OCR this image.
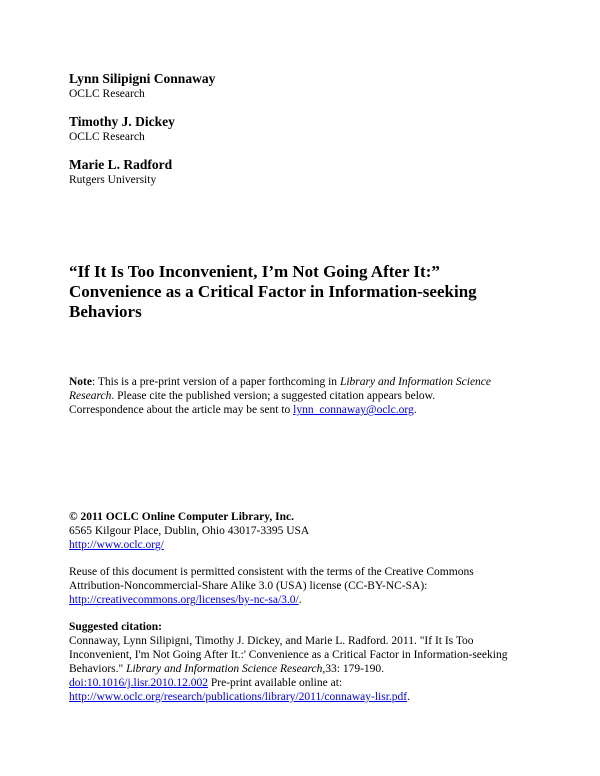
Lynn Silipigni Connaway
OCLC Research
Timothy J. Dickey
OCLC Research
Marie L. Radford
Rutgers University
“If It Is Too Inconvenient, I’m Not Going After It:”
Convenience as a Critical Factor in Information-seeking
Behaviors
Note: This is a pre-print version of a paper forthcoming in Library and Information Science Research. Please cite the published version; a suggested citation appears below.
Correspondence about the article may be sent to lynn_connaway@oclc.org.
© 2011 OCLC Online Computer Library, Inc.
6565 Kilgour Place, Dublin, Ohio 43017-3395 USA
http://www.oclc.org/
Reuse of this document is permitted consistent with the terms of the Creative Commons
Attribution-Noncommercial-Share Alike 3.0 (USA) license (CC-BY-NC-SA):
http://creativecommons.org/licenses/by-nc-sa/3.0/.
Suggested citation:
Connaway, Lynn Silipigni, Timothy J. Dickey, and Marie L. Radford. 2011. "If It Is Too
Inconvenient, I'm Not Going After It.:' Convenience as a Critical Factor in Information-seeking
Behaviors." Library and Information Science Research,33: 179-190.
doi:10.1016/j.lisr.2010.12.002 Pre-print available online at:
http://www.oclc.org/research/publications/library/2011/connaway-lisr.pdf.
